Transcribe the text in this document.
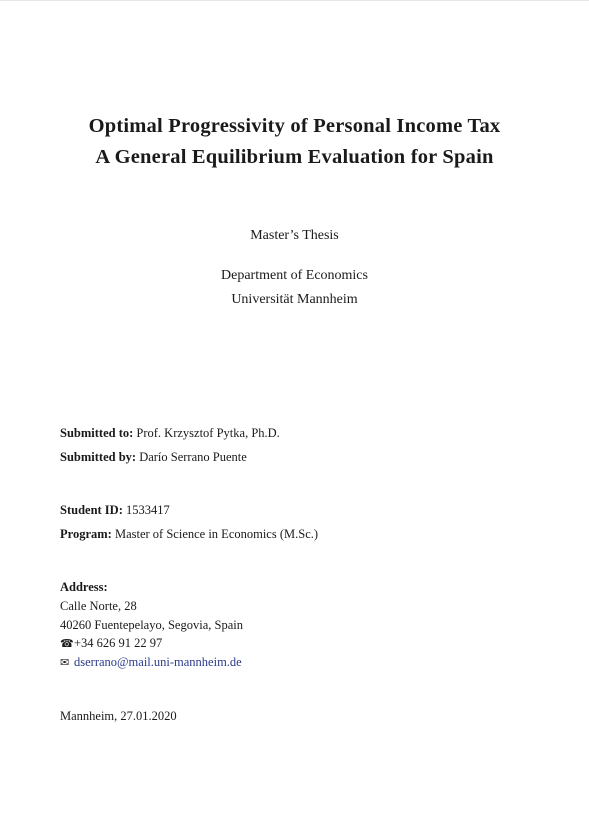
Optimal Progressivity of Personal Income Tax
A General Equilibrium Evaluation for Spain
Master’s Thesis
Department of Economics
Universität Mannheim
Submitted to: Prof. Krzysztof Pytka, Ph.D.
Submitted by: Darío Serrano Puente
Student ID: 1533417
Program: Master of Science in Economics (M.Sc.)
Address:
Calle Norte, 28
40260 Fuentepelayo, Segovia, Spain
☎+34 626 91 22 97
✉ dserrano@mail.uni-mannheim.de
Mannheim, 27.01.2020
